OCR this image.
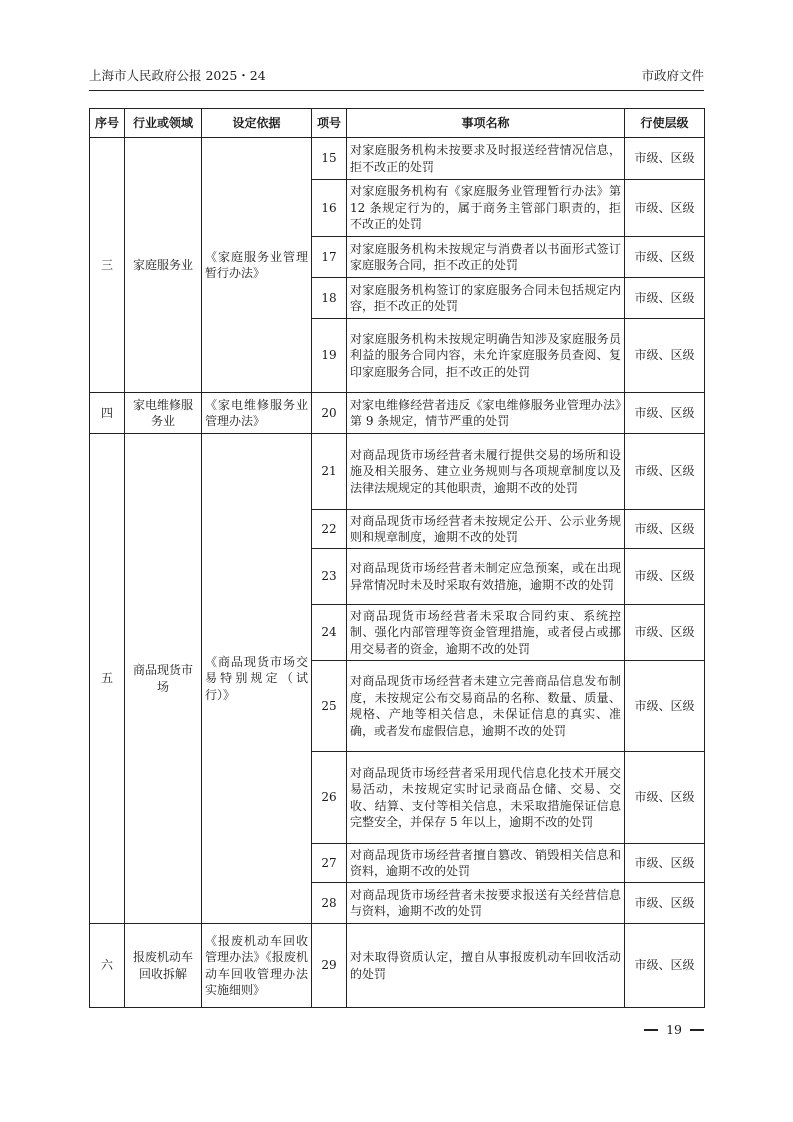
上海市人民政府公报 2025・24	市政府文件
序号	行业或领域	设定依据	项号	事项名称	行使层级
三	家庭服务业	《家庭服务业管理暂行办法》	15	对家庭服务机构未按要求及时报送经营情况信息，拒不改正的处罚	市级、区级
			16	对家庭服务机构有《家庭服务业管理暂行办法》第 12 条规定行为的，属于商务主管部门职责的，拒不改正的处罚	市级、区级
			17	对家庭服务机构未按规定与消费者以书面形式签订家庭服务合同，拒不改正的处罚	市级、区级
			18	对家庭服务机构签订的家庭服务合同未包括规定内容，拒不改正的处罚	市级、区级
			19	对家庭服务机构未按规定明确告知涉及家庭服务员利益的服务合同内容，未允许家庭服务员查阅、复印家庭服务合同，拒不改正的处罚	市级、区级
四	家电维修服务业	《家电维修服务业管理办法》	20	对家电维修经营者违反《家电维修服务业管理办法》第 9 条规定，情节严重的处罚	市级、区级
五	商品现货市场	《商品现货市场交易特别规定（试行）》	21	对商品现货市场经营者未履行提供交易的场所和设施及相关服务、建立业务规则与各项规章制度以及法律法规规定的其他职责，逾期不改的处罚	市级、区级
			22	对商品现货市场经营者未按规定公开、公示业务规则和规章制度，逾期不改的处罚	市级、区级
			23	对商品现货市场经营者未制定应急预案，或在出现异常情况时未及时采取有效措施，逾期不改的处罚	市级、区级
			24	对商品现货市场经营者未采取合同约束、系统控制、强化内部管理等资金管理措施，或者侵占或挪用交易者的资金，逾期不改的处罚	市级、区级
			25	对商品现货市场经营者未建立完善商品信息发布制度，未按规定公布交易商品的名称、数量、质量、规格、产地等相关信息，未保证信息的真实、准确，或者发布虚假信息，逾期不改的处罚	市级、区级
			26	对商品现货市场经营者采用现代信息化技术开展交易活动，未按规定实时记录商品仓储、交易、交收、结算、支付等相关信息，未采取措施保证信息完整安全，并保存 5 年以上，逾期不改的处罚	市级、区级
			27	对商品现货市场经营者擅自篡改、销毁相关信息和资料，逾期不改的处罚	市级、区级
			28	对商品现货市场经营者未按要求报送有关经营信息与资料，逾期不改的处罚	市级、区级
六	报废机动车回收拆解	《报废机动车回收管理办法》《报废机动车回收管理办法实施细则》	29	对未取得资质认定，擅自从事报废机动车回收活动的处罚	市级、区级
19
